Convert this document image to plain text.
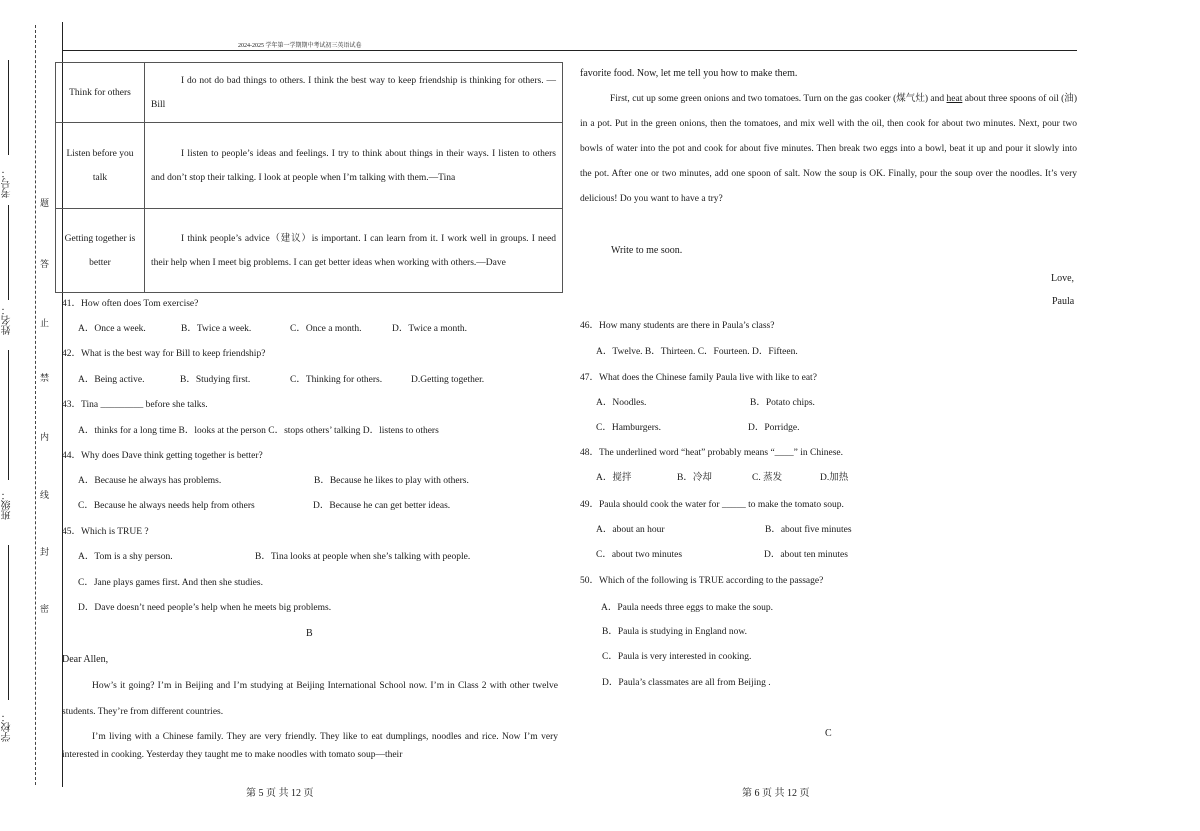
考号：
姓名：
班级：
学校：
题
答
止
禁
内
线
封
密
2024-2025 学年第一学期期中考试初三英语试卷
Think for others	I do not do bad things to others. I think the best way to keep friendship is thinking for others. —Bill
Listen before you talk	I listen to people’s ideas and feelings. I try to think about things in their ways. I listen to others and don’t stop their talking. I look at people when I’m talking with them.—Tina
Getting together is better	I think people’s advice（建议）is important. I can learn from it. I work well in groups. I need their help when I meet big problems. I can get better ideas when working with others.—Dave
41．How often does Tom exercise?
A．Once a week.	B．Twice a week.	C．Once a month.	D．Twice a month.
42．What is the best way for Bill to keep friendship?
A．Being active.	B．Studying first.	C．Thinking for others.	D.Getting together.
43．Tina _________ before she talks.
A．thinks for a long time B．looks at the person C．stops others’ talking D．listens to others
44．Why does Dave think getting together is better?
A．Because he always has problems.	B．Because he likes to play with others.
C．Because he always needs help from others	D．Because he can get better ideas.
45．Which is TRUE ?
A．Tom is a shy person.	B．Tina looks at people when she’s talking with people.
C．Jane plays games first. And then she studies.
D．Dave doesn’t need people’s help when he meets big problems.
B
Dear Allen,
How’s it going? I’m in Beijing and I’m studying at Beijing International School now. I’m in Class 2 with other twelve students. They’re from different countries.
I’m living with a Chinese family. They are very friendly. They like to eat dumplings, noodles and rice. Now I’m very interested in cooking. Yesterday they taught me to make noodles with tomato soup—their
favorite food. Now, let me tell you how to make them.
First, cut up some green onions and two tomatoes. Turn on the gas cooker (煤气灶) and heat about three spoons of oil (油) in a pot. Put in the green onions, then the tomatoes, and mix well with the oil, then cook for about two minutes. Next, pour two bowls of water into the pot and cook for about five minutes. Then break two eggs into a bowl, beat it up and pour it slowly into the pot. After one or two minutes, add one spoon of salt. Now the soup is OK. Finally, pour the soup over the noodles. It’s very delicious! Do you want to have a try?
Write to me soon.
Love,
Paula
46．How many students are there in Paula’s class?
A．Twelve. B．Thirteen. C．Fourteen. D．Fifteen.
47．What does the Chinese family Paula live with like to eat?
A．Noodles.	B．Potato chips.
C．Hamburgers.	D．Porridge.
48．The underlined word “heat” probably means “____” in Chinese.
A．搅拌	B．冷却	C. 蒸发	D.加热
49．Paula should cook the water for _____ to make the tomato soup.
A．about an hour	B．about five minutes
C．about two minutes	D．about ten minutes
50．Which of the following is TRUE according to the passage?
A．Paula needs three eggs to make the soup.
B．Paula is studying in England now.
C．Paula is very interested in cooking.
D．Paula’s classmates are all from Beijing .
C
第 5 页 共 12 页	第 6 页 共 12 页
